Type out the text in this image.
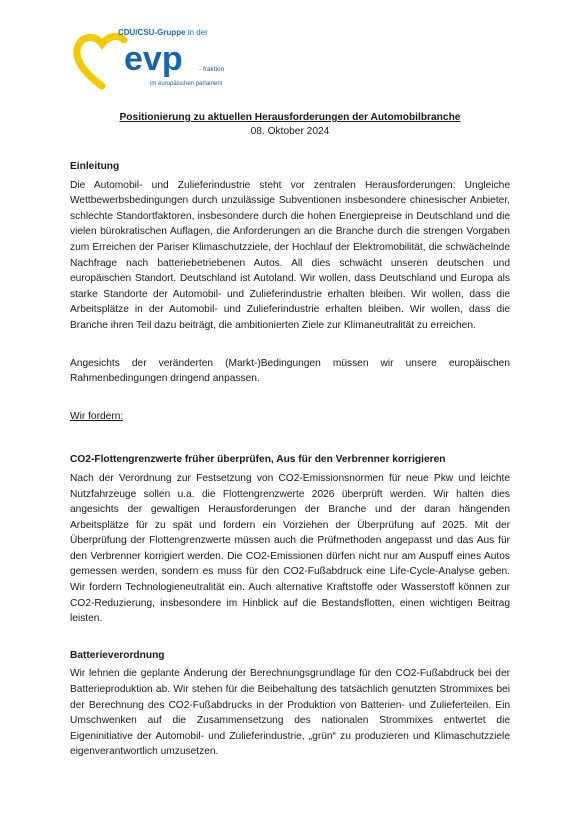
CDU/CSU-Gruppe in der
evp	- fraktion
im europäischen parlament
Positionierung zu aktuellen Herausforderungen der Automobilbranche
08. Oktober 2024
Einleitung

Die Automobil- und Zulieferindustrie steht vor zentralen Herausforderungen: Ungleiche Wettbewerbsbedingungen durch unzulässige Subventionen insbesondere chinesischer Anbieter, schlechte Standortfaktoren, insbesondere durch die hohen Energiepreise in Deutschland und die vielen bürokratischen Auflagen, die Anforderungen an die Branche durch die strengen Vorgaben zum Erreichen der Pariser Klimaschutzziele, der Hochlauf der Elektromobilität, die schwächelnde Nachfrage nach batteriebetriebenen Autos. All dies schwächt unseren deutschen und europäischen Standort. Deutschland ist Autoland. Wir wollen, dass Deutschland und Europa als starke Standorte der Automobil- und Zulieferindustrie erhalten bleiben. Wir wollen, dass die Arbeitsplätze in der Automobil- und Zulieferindustrie erhalten bleiben. Wir wollen, dass die Branche ihren Teil dazu beiträgt, die ambitionierten Ziele zur Klimaneutralität zu erreichen.

Angesichts der veränderten (Markt-)Bedingungen müssen wir unsere europäischen Rahmenbedingungen dringend anpassen.

Wir fordern:
CO2-Flottengrenzwerte früher überprüfen, Aus für den Verbrenner korrigieren

Nach der Verordnung zur Festsetzung von CO2-Emissionsnormen für neue Pkw und leichte Nutzfahrzeuge sollen u.a. die Flottengrenzwerte 2026 überprüft werden. Wir halten dies angesichts der gewaltigen Herausforderungen der Branche und der daran hängenden Arbeitsplätze für zu spät und fordern ein Vorziehen der Überprüfung auf 2025. Mit der Überprüfung der Flottengrenzwerte müssen auch die Prüfmethoden angepasst und das Aus für den Verbrenner korrigiert werden. Die CO2-Emissionen dürfen nicht nur am Auspuff eines Autos gemessen werden, sondern es muss für den CO2-Fußabdruck eine Life-Cycle-Analyse geben. Wir fordern Technologieneutralität ein. Auch alternative Kraftstoffe oder Wasserstoff können zur CO2-Reduzierung, insbesondere im Hinblick auf die Bestandsflotten, einen wichtigen Beitrag leisten.

Batterieverordnung

Wir lehnen die geplante Änderung der Berechnungsgrundlage für den CO2-Fußabdruck bei der Batterieproduktion ab. Wir stehen für die Beibehaltung des tatsächlich genutzten Strommixes bei der Berechnung des CO2-Fußabdrucks in der Produktion von Batterien- und Zulieferteilen. Ein Umschwenken auf die Zusammensetzung des nationalen Strommixes entwertet die Eigeninitiative der Automobil- und Zulieferindustrie, „grün“ zu produzieren und Klimaschutzziele eigenverantwortlich umzusetzen.
